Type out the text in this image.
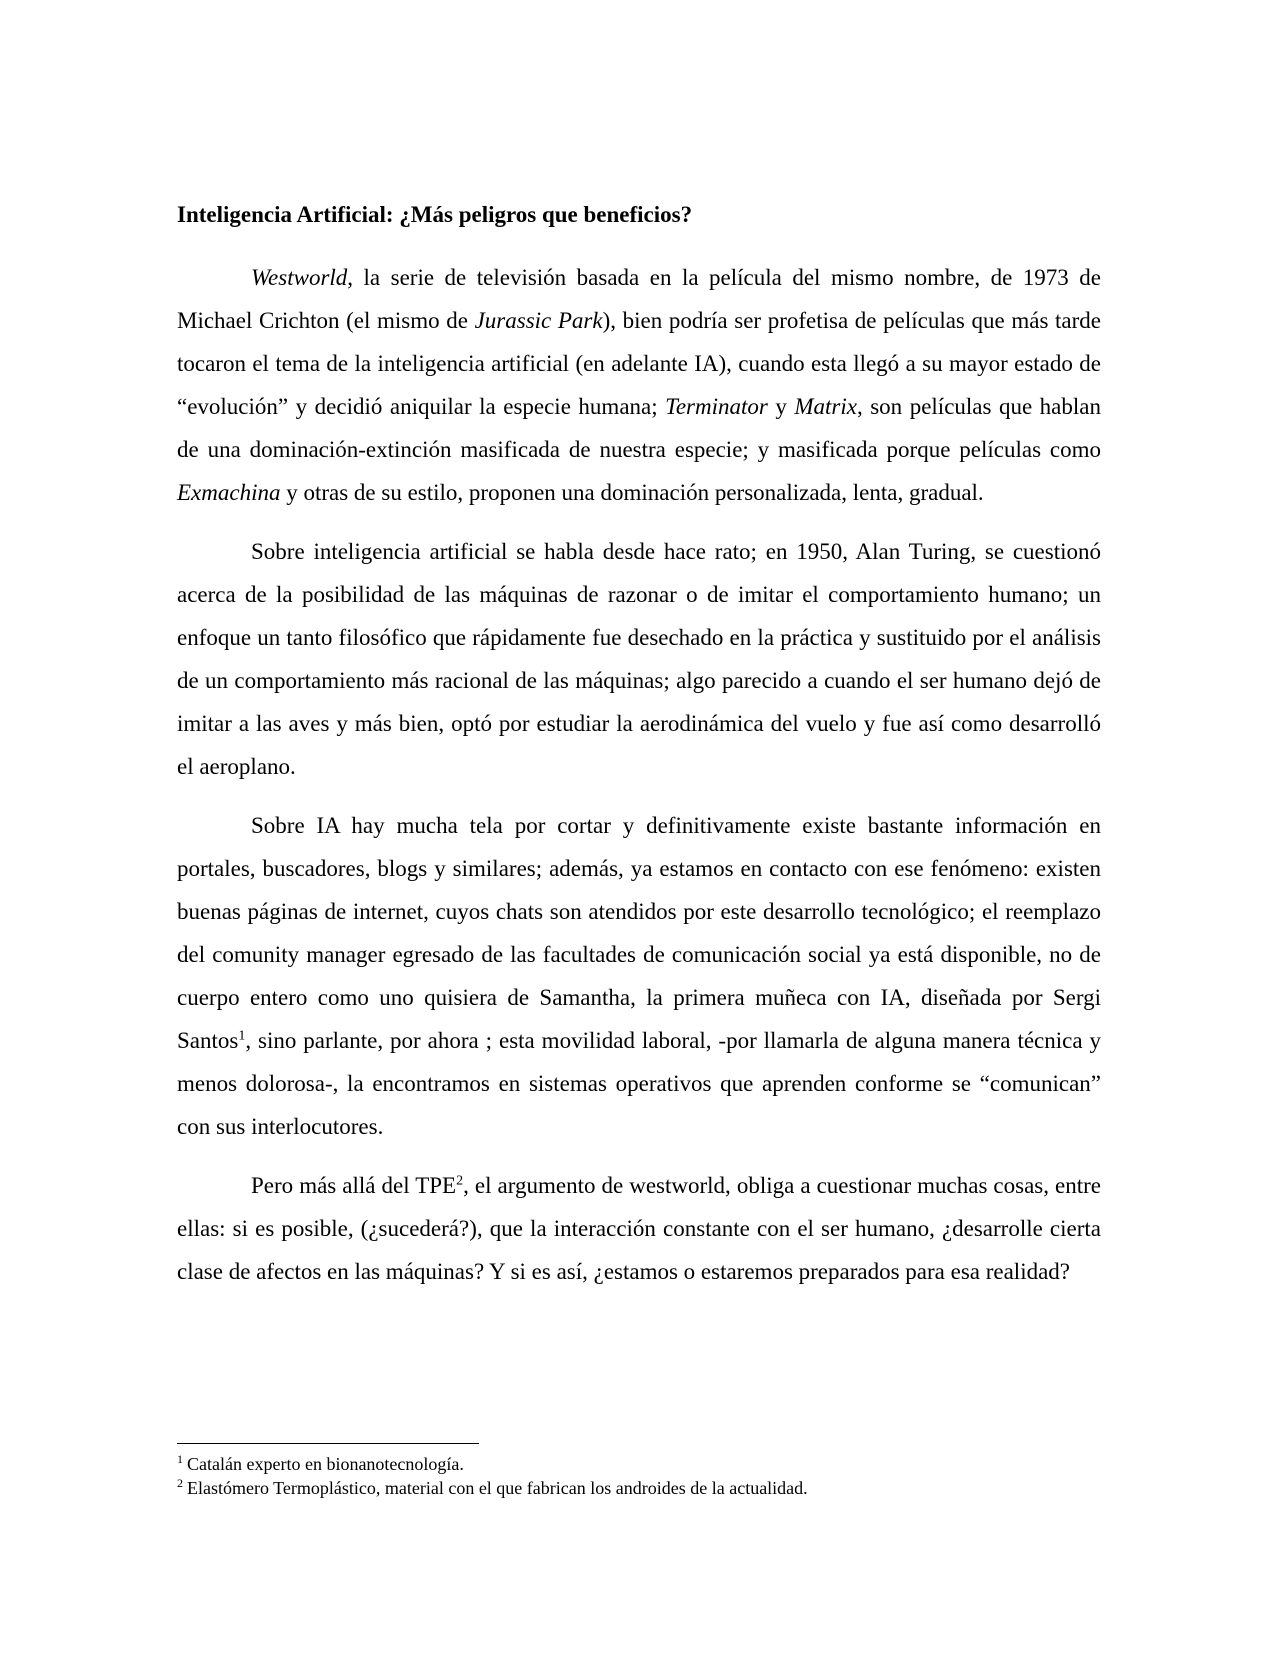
Inteligencia Artificial: ¿Más peligros que beneficios?

Westworld, la serie de televisión basada en la película del mismo nombre, de 1973 de Michael Crichton (el mismo de Jurassic Park), bien podría ser profetisa de películas que más tarde tocaron el tema de la inteligencia artificial (en adelante IA), cuando esta llegó a su mayor estado de “evolución” y decidió aniquilar la especie humana; Terminator y Matrix, son películas que hablan de una dominación-extinción masificada de nuestra especie; y masificada porque películas como Exmachina y otras de su estilo, proponen una dominación personalizada, lenta, gradual.

Sobre inteligencia artificial se habla desde hace rato; en 1950, Alan Turing, se cuestionó acerca de la posibilidad de las máquinas de razonar o de imitar el comportamiento humano; un enfoque un tanto filosófico que rápidamente fue desechado en la práctica y sustituido por el análisis de un comportamiento más racional de las máquinas; algo parecido a cuando el ser humano dejó de imitar a las aves y más bien, optó por estudiar la aerodinámica del vuelo y fue así como desarrolló el aeroplano.

Sobre IA hay mucha tela por cortar y definitivamente existe bastante información en portales, buscadores, blogs y similares; además, ya estamos en contacto con ese fenómeno: existen buenas páginas de internet, cuyos chats son atendidos por este desarrollo tecnológico; el reemplazo del comunity manager egresado de las facultades de comunicación social ya está disponible, no de cuerpo entero como uno quisiera de Samantha, la primera muñeca con IA, diseñada por Sergi Santos$^1$, sino parlante, por ahora ; esta movilidad laboral, -por llamarla de alguna manera técnica y menos dolorosa-, la encontramos en sistemas operativos que aprenden conforme se “comunican” con sus interlocutores.

Pero más allá del TPE$^2$, el argumento de westworld, obliga a cuestionar muchas cosas, entre ellas: si es posible, (¿sucederá?), que la interacción constante con el ser humano, ¿desarrolle cierta clase de afectos en las máquinas? Y si es así, ¿estamos o estaremos preparados para esa realidad?

$^1$ Catalán experto en bionanotecnología.

$^2$ Elastómero Termoplástico, material con el que fabrican los androides de la actualidad.
